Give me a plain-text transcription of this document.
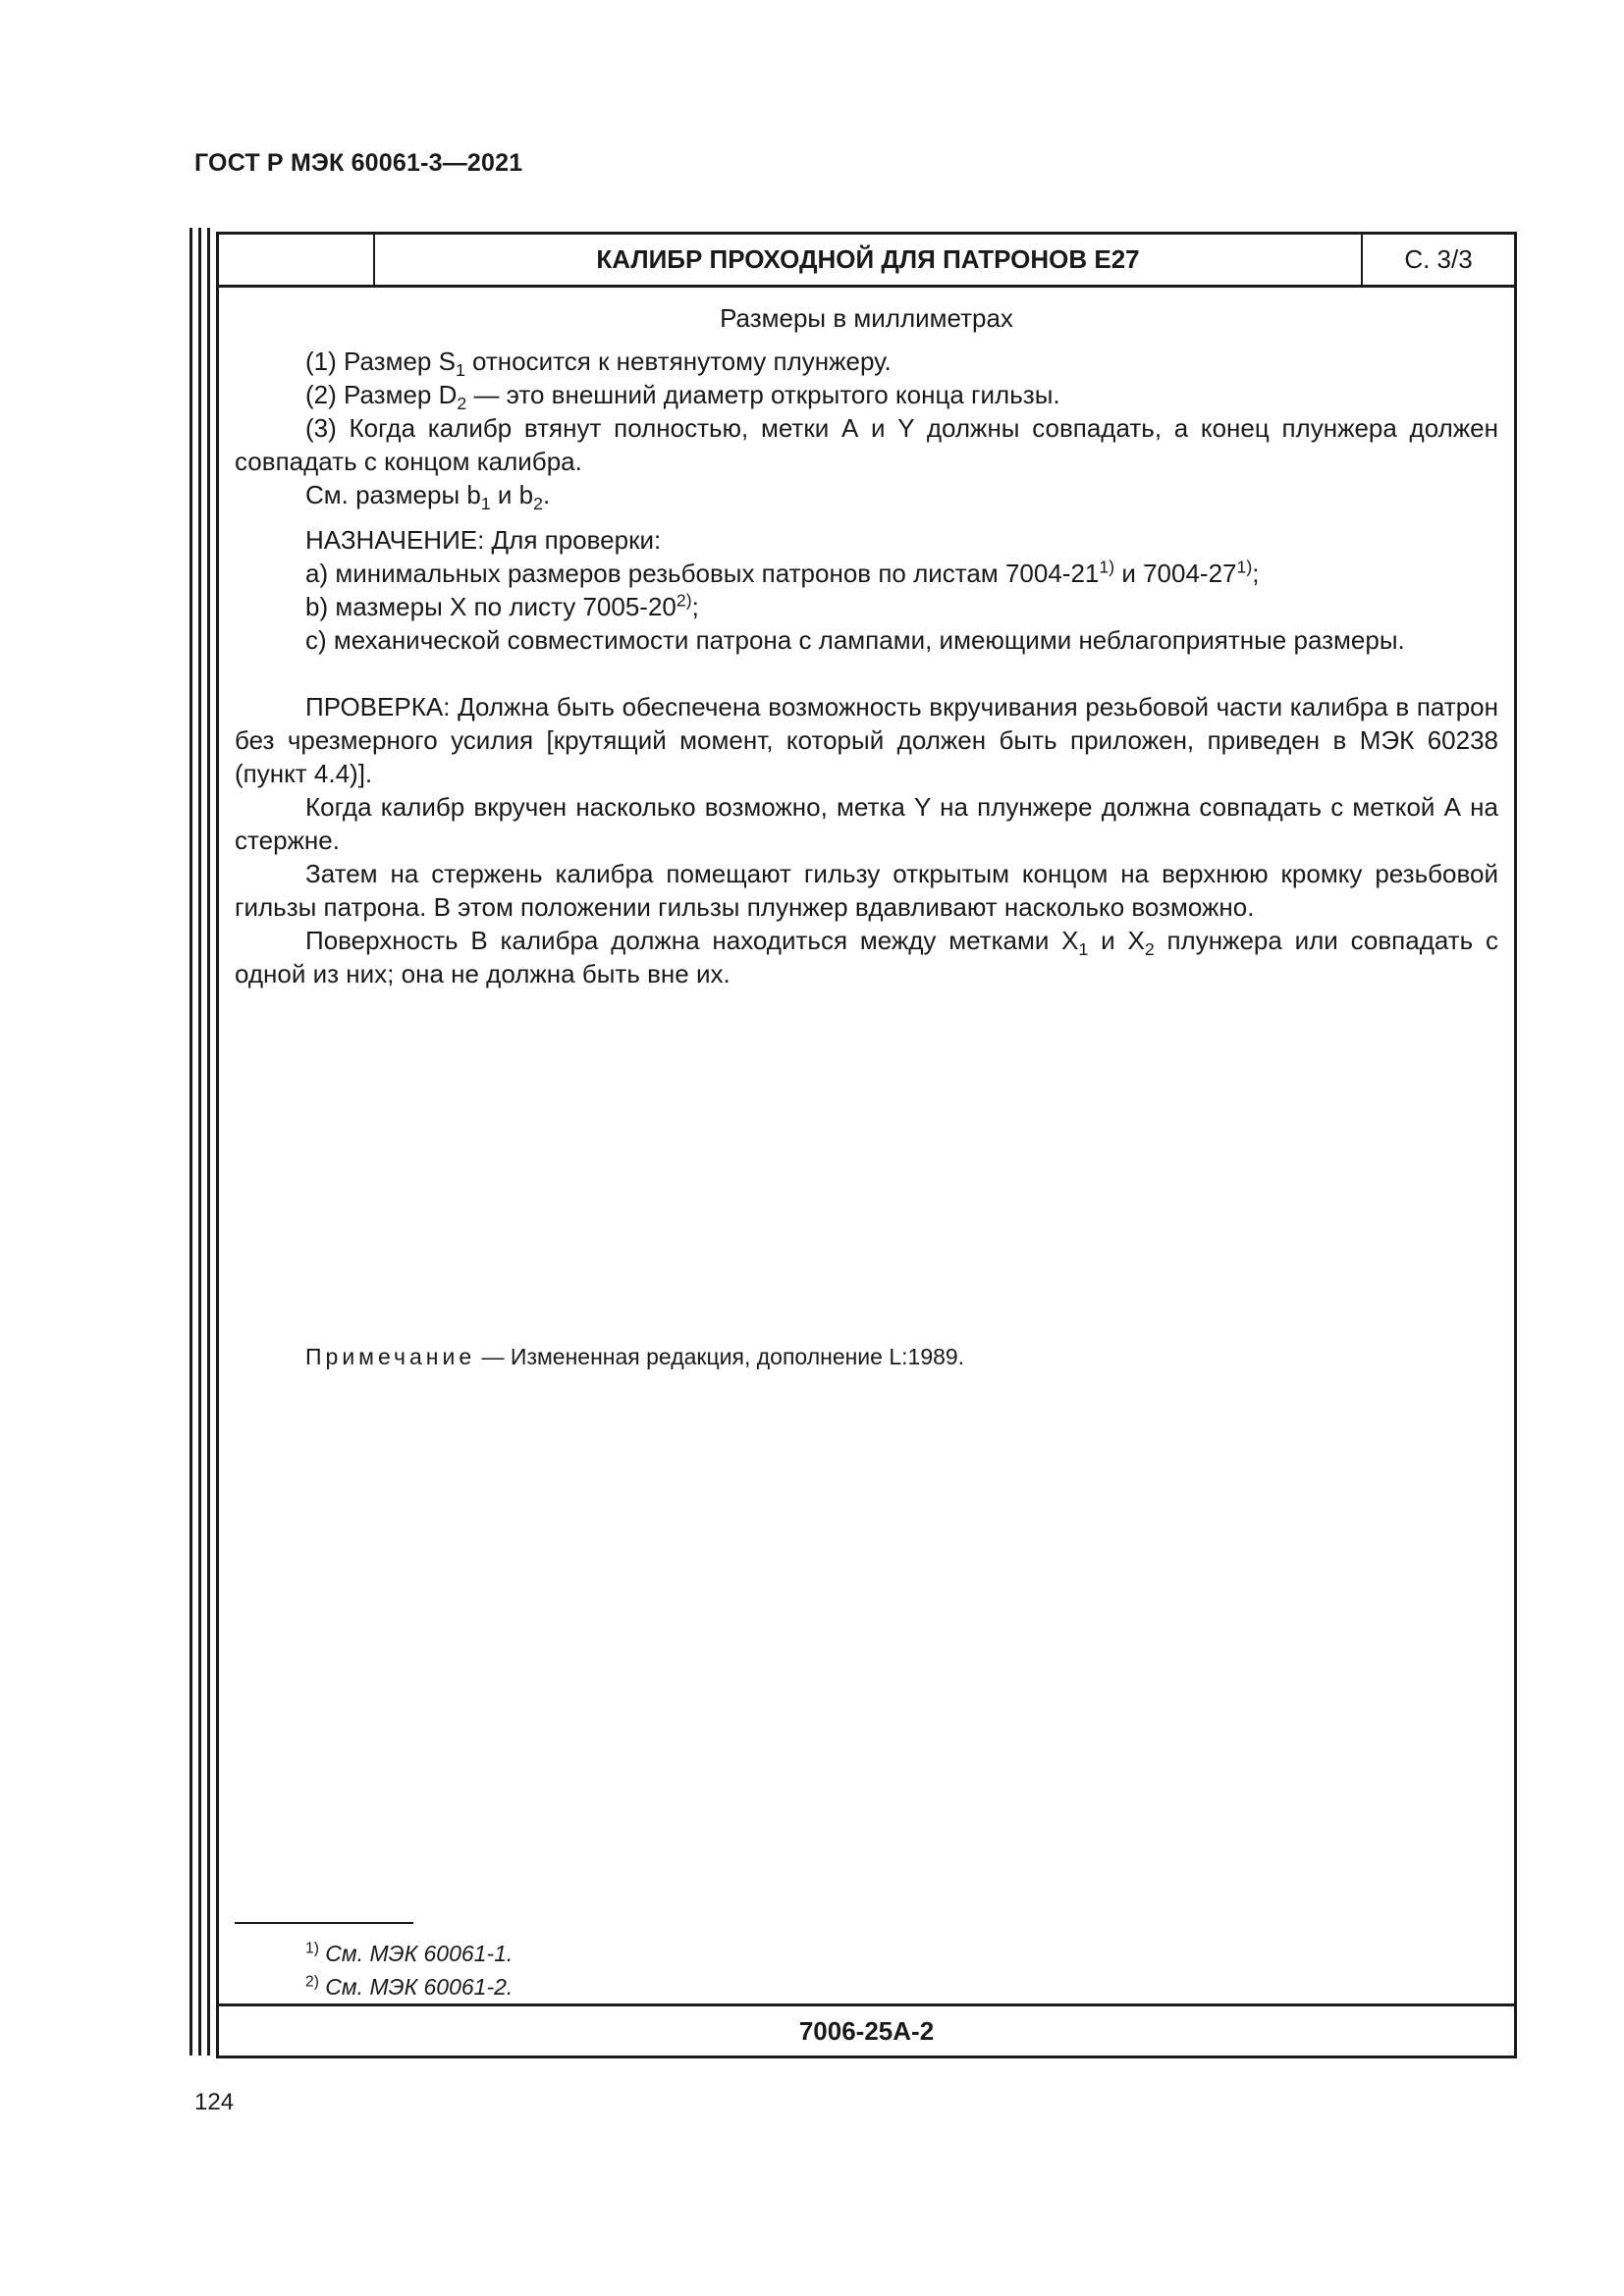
ГОСТ Р МЭК 60061-3—2021
КАЛИБР ПРОХОДНОЙ ДЛЯ ПАТРОНОВ Е27	С. 3/3
Размеры в миллиметрах

(1) Размер $S_1$ относится к невтянутому плунжеру.

(2) Размер $D_2$ — это внешний диаметр открытого конца гильзы.

(3) Когда калибр втянут полностью, метки А и Y должны совпадать, а конец плунжера должен совпадать с концом калибра.

См. размеры $b_1$ и $b_2$.

НАЗНАЧЕНИЕ: Для проверки:

a) минимальных размеров резьбовых патронов по листам 7004-21$^{1)}$ и 7004-27$^{1)}$;

b) мазмеры X по листу 7005-20$^{2)}$;

c) механической совместимости патрона с лампами, имеющими неблагоприятные размеры.

ПРОВЕРКА: Должна быть обеспечена возможность вкручивания резьбовой части калибра в патрон без чрезмерного усилия [крутящий момент, который должен быть приложен, приведен в МЭК 60238 (пункт 4.4)].

Когда калибр вкручен насколько возможно, метка Y на плунжере должна совпадать с меткой А на стержне.

Затем на стержень калибра помещают гильзу открытым концом на верхнюю кромку резьбовой гильзы патрона. В этом положении гильзы плунжер вдавливают насколько возможно.

Поверхность B калибра должна находиться между метками $X_1$ и $X_2$ плунжера или совпадать с одной из них; она не должна быть вне их.

Примечание — Измененная редакция, дополнение L:1989.
$^{1)}$ См. МЭК 60061-1.
$^{2)}$ См. МЭК 60061-2.
7006-25A-2
124
